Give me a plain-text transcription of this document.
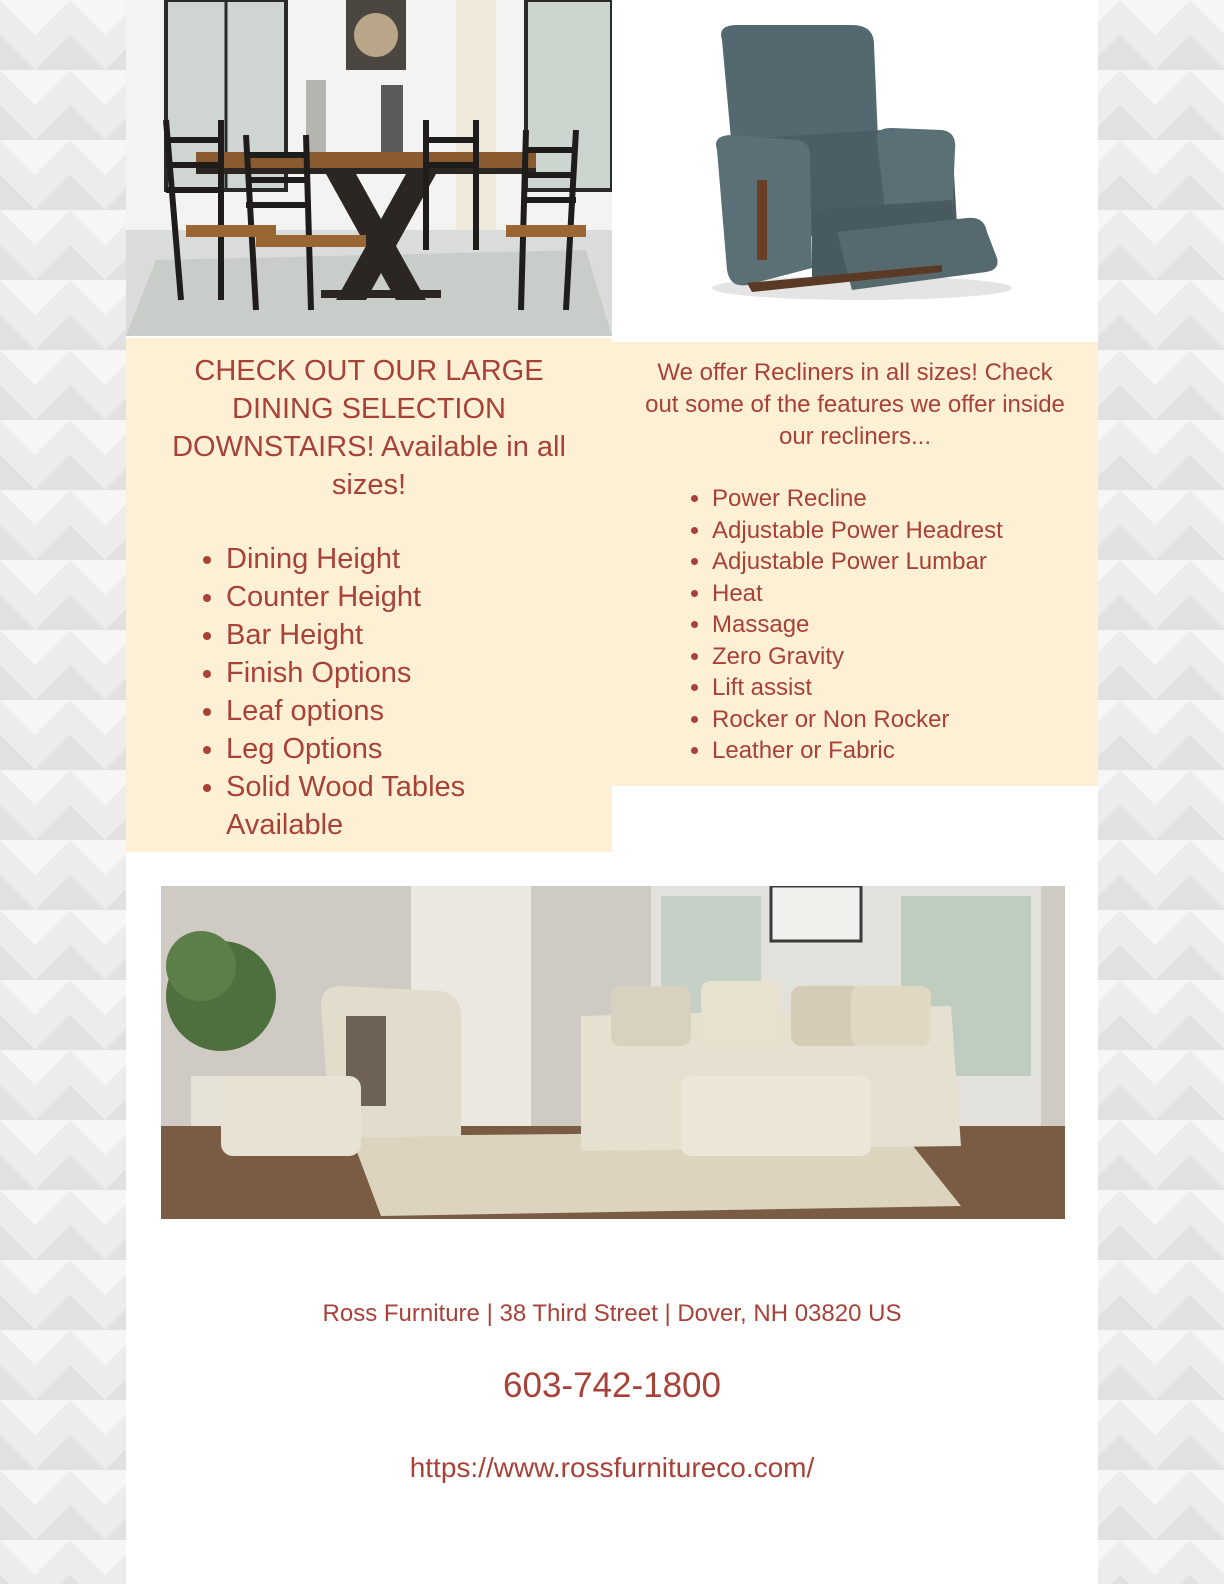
CHECK OUT OUR LARGE DINING SELECTION DOWNSTAIRS! Available in all sizes!

• Dining Height
• Counter Height
• Bar Height
• Finish Options
• Leaf options
• Leg Options
• Solid Wood Tables Available

We offer Recliners in all sizes! Check out some of the features we offer inside our recliners...

• Power Recline
• Adjustable Power Headrest
• Adjustable Power Lumbar
• Heat
• Massage
• Zero Gravity
• Lift assist
• Rocker or Non Rocker
• Leather or Fabric
Ross Furniture | 38 Third Street | Dover, NH 03820 US
603-742-1800
https://www.rossfurnitureco.com/
